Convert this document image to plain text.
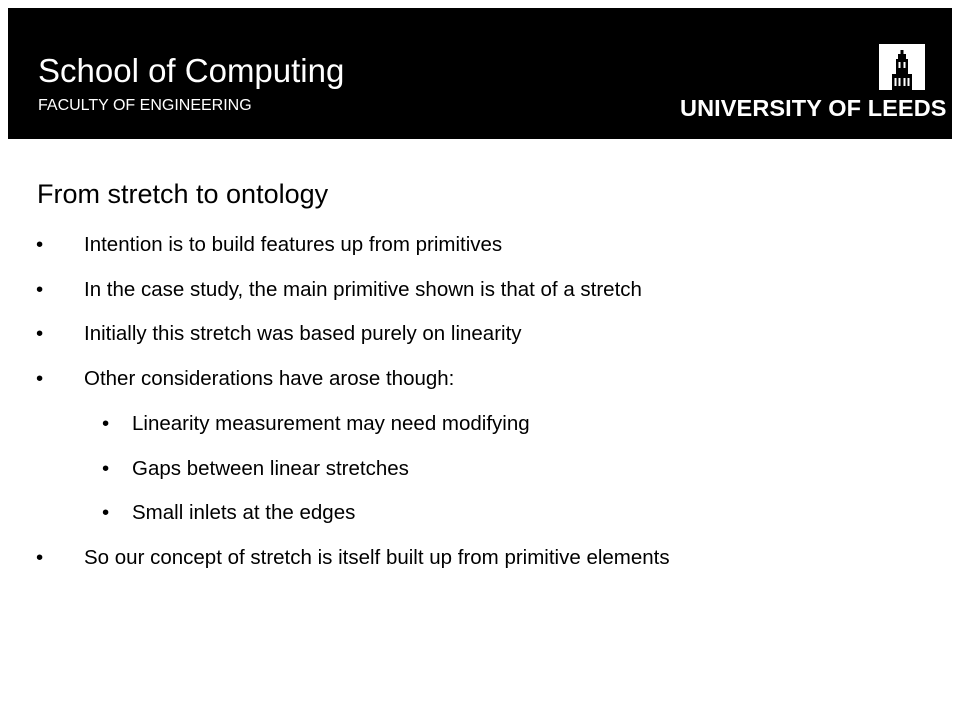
School of Computing
FACULTY OF ENGINEERING	UNIVERSITY OF LEEDS
From stretch to ontology
• Intention is to build features up from primitives
• In the case study, the main primitive shown is that of a stretch
• Initially this stretch was based purely on linearity
• Other considerations have arose though:
• Linearity measurement may need modifying
• Gaps between linear stretches
• Small inlets at the edges
• So our concept of stretch is itself built up from primitive elements
